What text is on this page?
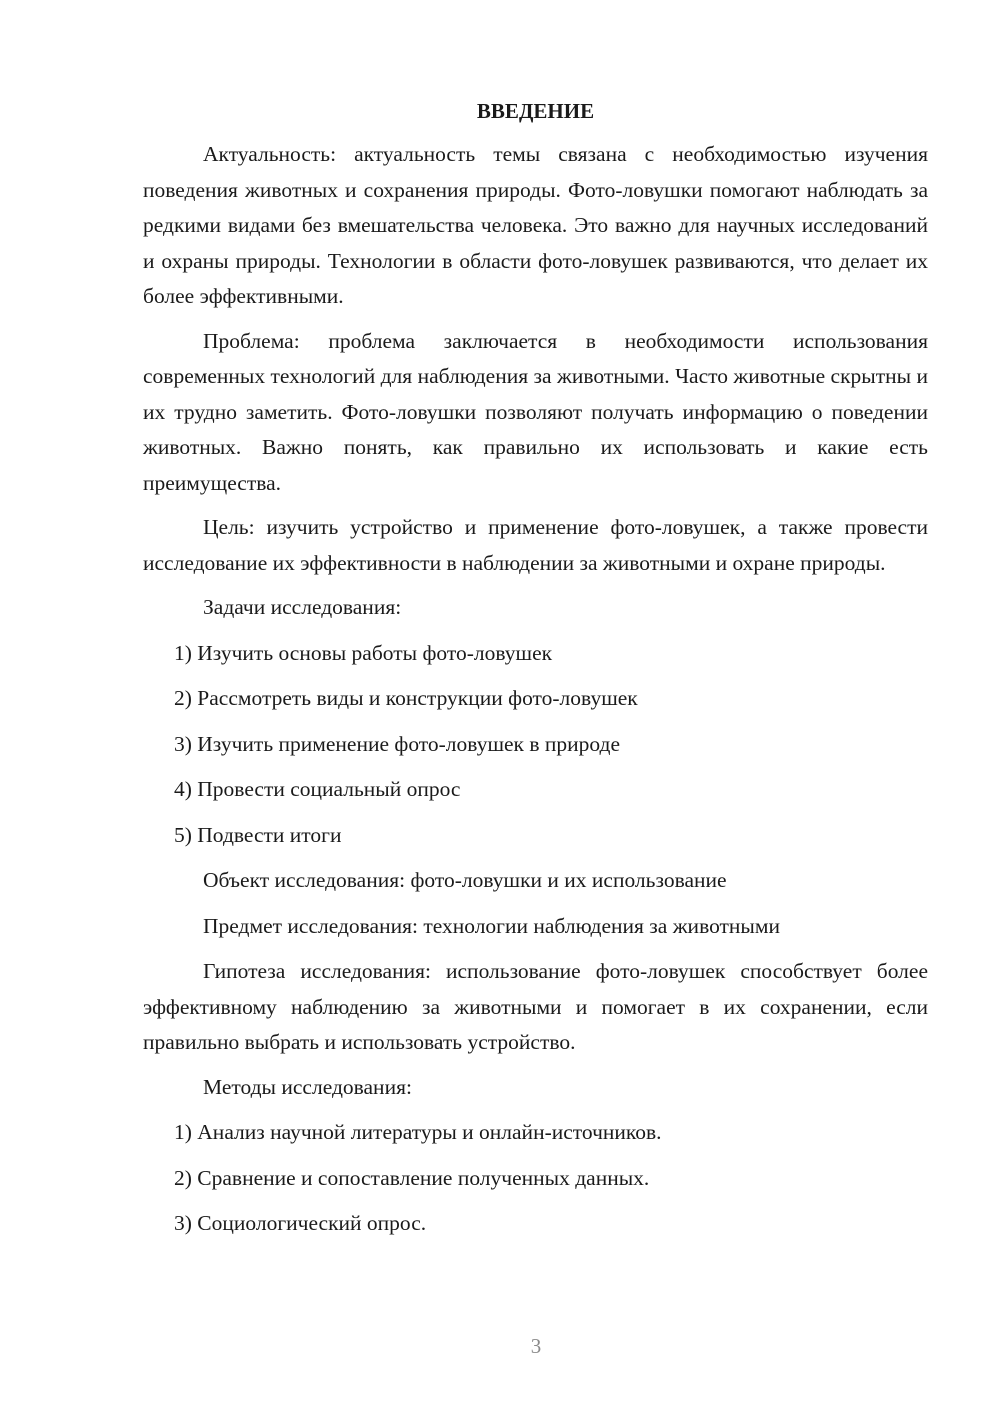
ВВЕДЕНИЕ

Актуальность: актуальность темы связана с необходимостью изучения поведения животных и сохранения природы. Фото-ловушки помогают наблюдать за редкими видами без вмешательства человека. Это важно для научных исследований и охраны природы. Технологии в области фото-ловушек развиваются, что делает их более эффективными.

Проблема: проблема заключается в необходимости использования современных технологий для наблюдения за животными. Часто животные скрытны и их трудно заметить. Фото-ловушки позволяют получать информацию о поведении животных. Важно понять, как правильно их использовать и какие есть преимущества.

Цель: изучить устройство и применение фото-ловушек, а также провести исследование их эффективности в наблюдении за животными и охране природы.

Задачи исследования:
1) Изучить основы работы фото-ловушек
2) Рассмотреть виды и конструкции фото-ловушек
3) Изучить применение фото-ловушек в природе
4) Провести социальный опрос
5) Подвести итоги
Объект исследования: фото-ловушки и их использование
Предмет исследования: технологии наблюдения за животными

Гипотеза исследования: использование фото-ловушек способствует более эффективному наблюдению за животными и помогает в их сохранении, если правильно выбрать и использовать устройство.

Методы исследования:
1) Анализ научной литературы и онлайн-источников.
2) Сравнение и сопоставление полученных данных.
3) Социологический опрос.
3
